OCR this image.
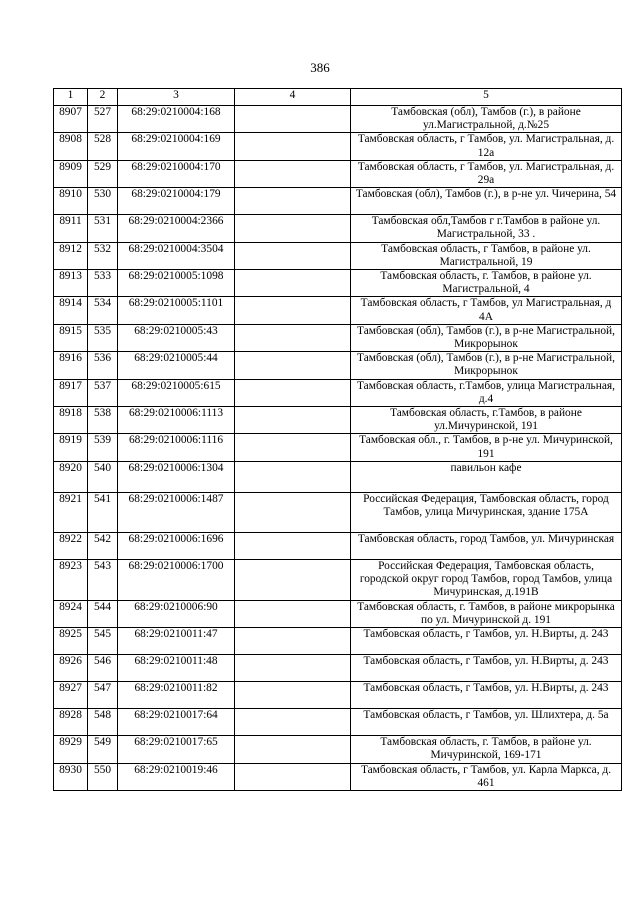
386
1	2	3	4	5
8907	527	68:29:0210004:168		Тамбовская (обл), Тамбов (г.), в районе ул.Магистральной, д.№25
8908	528	68:29:0210004:169		Тамбовская область, г Тамбов, ул. Магистральная, д. 12а
8909	529	68:29:0210004:170		Тамбовская область, г Тамбов, ул. Магистральная, д. 29а
8910	530	68:29:0210004:179		Тамбовская (обл), Тамбов (г.), в р-не ул. Чичерина, 54
8911	531	68:29:0210004:2366		Тамбовская обл,Тамбов г г.Тамбов в районе ул. Магистральной, 33 .
8912	532	68:29:0210004:3504		Тамбовская область, г Тамбов, в районе ул. Магистральной, 19
8913	533	68:29:0210005:1098		Тамбовская область, г. Тамбов, в районе ул. Магистральной, 4
8914	534	68:29:0210005:1101		Тамбовская область, г Тамбов, ул Магистральная, д 4А
8915	535	68:29:0210005:43		Тамбовская (обл), Тамбов (г.), в р-не Магистральной, Микрорынок
8916	536	68:29:0210005:44		Тамбовская (обл), Тамбов (г.), в р-не Магистральной, Микрорынок
8917	537	68:29:0210005:615		Тамбовская область, г.Тамбов, улица Магистральная, д.4
8918	538	68:29:0210006:1113		Тамбовская область, г.Тамбов, в районе ул.Мичуринской, 191
8919	539	68:29:0210006:1116		Тамбовская обл., г. Тамбов, в р-не ул. Мичуринской, 191
8920	540	68:29:0210006:1304		павильон кафе
8921	541	68:29:0210006:1487		Российская Федерация, Тамбовская область, город Тамбов, улица Мичуринская, здание 175А
8922	542	68:29:0210006:1696		Тамбовская область, город Тамбов, ул. Мичуринская
8923	543	68:29:0210006:1700		Российская Федерация, Тамбовская область, городской округ город Тамбов, город Тамбов, улица Мичуринская, д.191В
8924	544	68:29:0210006:90		Тамбовская область, г. Тамбов, в районе микрорынка по ул. Мичуринской д. 191
8925	545	68:29:0210011:47		Тамбовская область, г Тамбов, ул. Н.Вирты, д. 243
8926	546	68:29:0210011:48		Тамбовская область, г Тамбов, ул. Н.Вирты, д. 243
8927	547	68:29:0210011:82		Тамбовская область, г Тамбов, ул. Н.Вирты, д. 243
8928	548	68:29:0210017:64		Тамбовская область, г Тамбов, ул. Шлихтера, д. 5а
8929	549	68:29:0210017:65		Тамбовская область, г. Тамбов, в районе ул. Мичуринской, 169-171
8930	550	68:29:0210019:46		Тамбовская область, г Тамбов, ул. Карла Маркса, д. 461
